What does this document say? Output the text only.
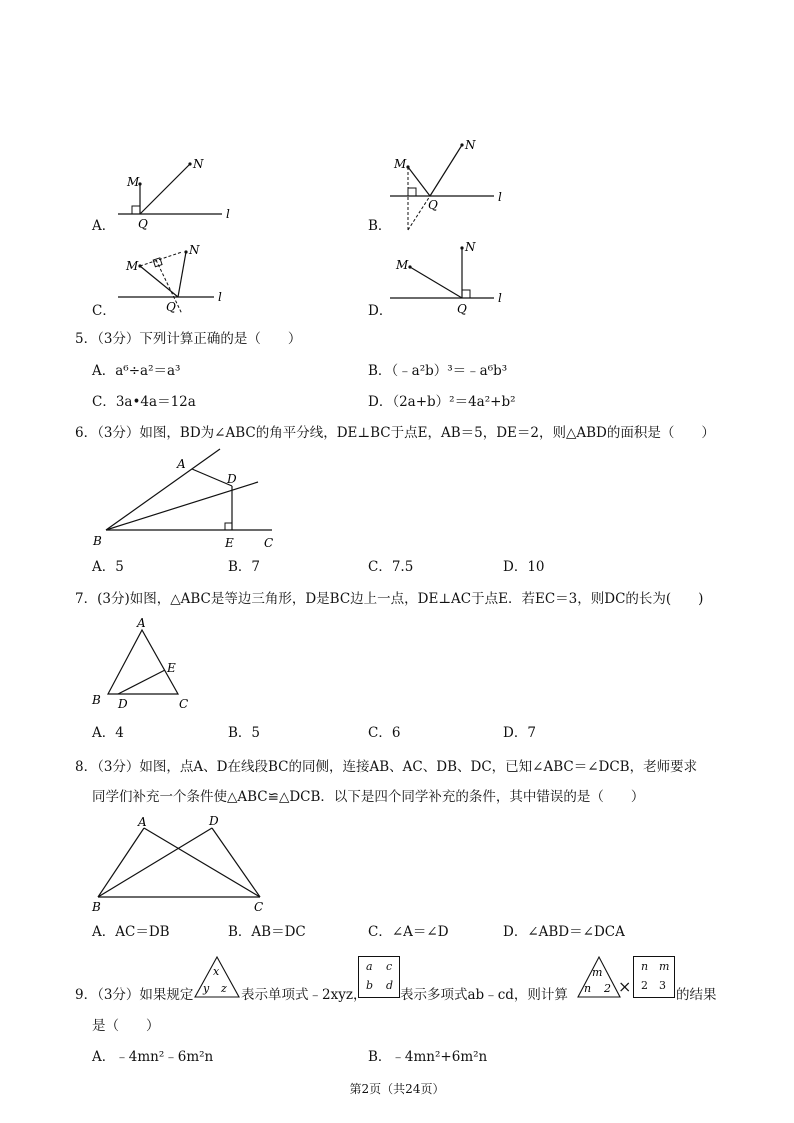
M
N
Q
l
A．
M
N
Q
l
B．
M
N
Q
l
C．
M
N
Q
l
D．
5．（3分）下列计算正确的是（　　）
A．a⁶÷a²＝a³	B．（﹣a²b）³＝﹣a⁶b³
C．3a•4a＝12a	D．（2a+b）²＝4a²+b²
6．（3分）如图，BD为∠ABC的角平分线，DE⊥BC于点E，AB＝5，DE＝2，则△ABD的面积是（　　）
A
D
B	E	C
A．5	B．7	C．7.5	D．10
7．(3分)如图，△ABC是等边三角形，D是BC边上一点，DE⊥AC于点E．若EC＝3，则DC的长为(　　)
A
E
B D	C
A．4	B．5	C．6	D．7
8．（3分）如图，点A、D在线段BC的同侧，连接AB、AC、DB、DC，已知∠ABC＝∠DCB，老师要求
同学们补充一个条件使△ABC≌△DCB．以下是四个同学补充的条件，其中错误的是（　　）
A	D
B	C
A．AC＝DB	B．AB＝DC	C．∠A＝∠D	D．∠ABD＝∠DCA
9．（3分）如果规定
x
y z 表示单项式﹣2xyz，
a c
b d
表示多项式ab﹣cd，则计算
m
n 2 ×
n m
2 3
的结果
是（　　）
A．﹣4mn²﹣6m²n	B．﹣4mn²+6m²n
第2页（共24页）
